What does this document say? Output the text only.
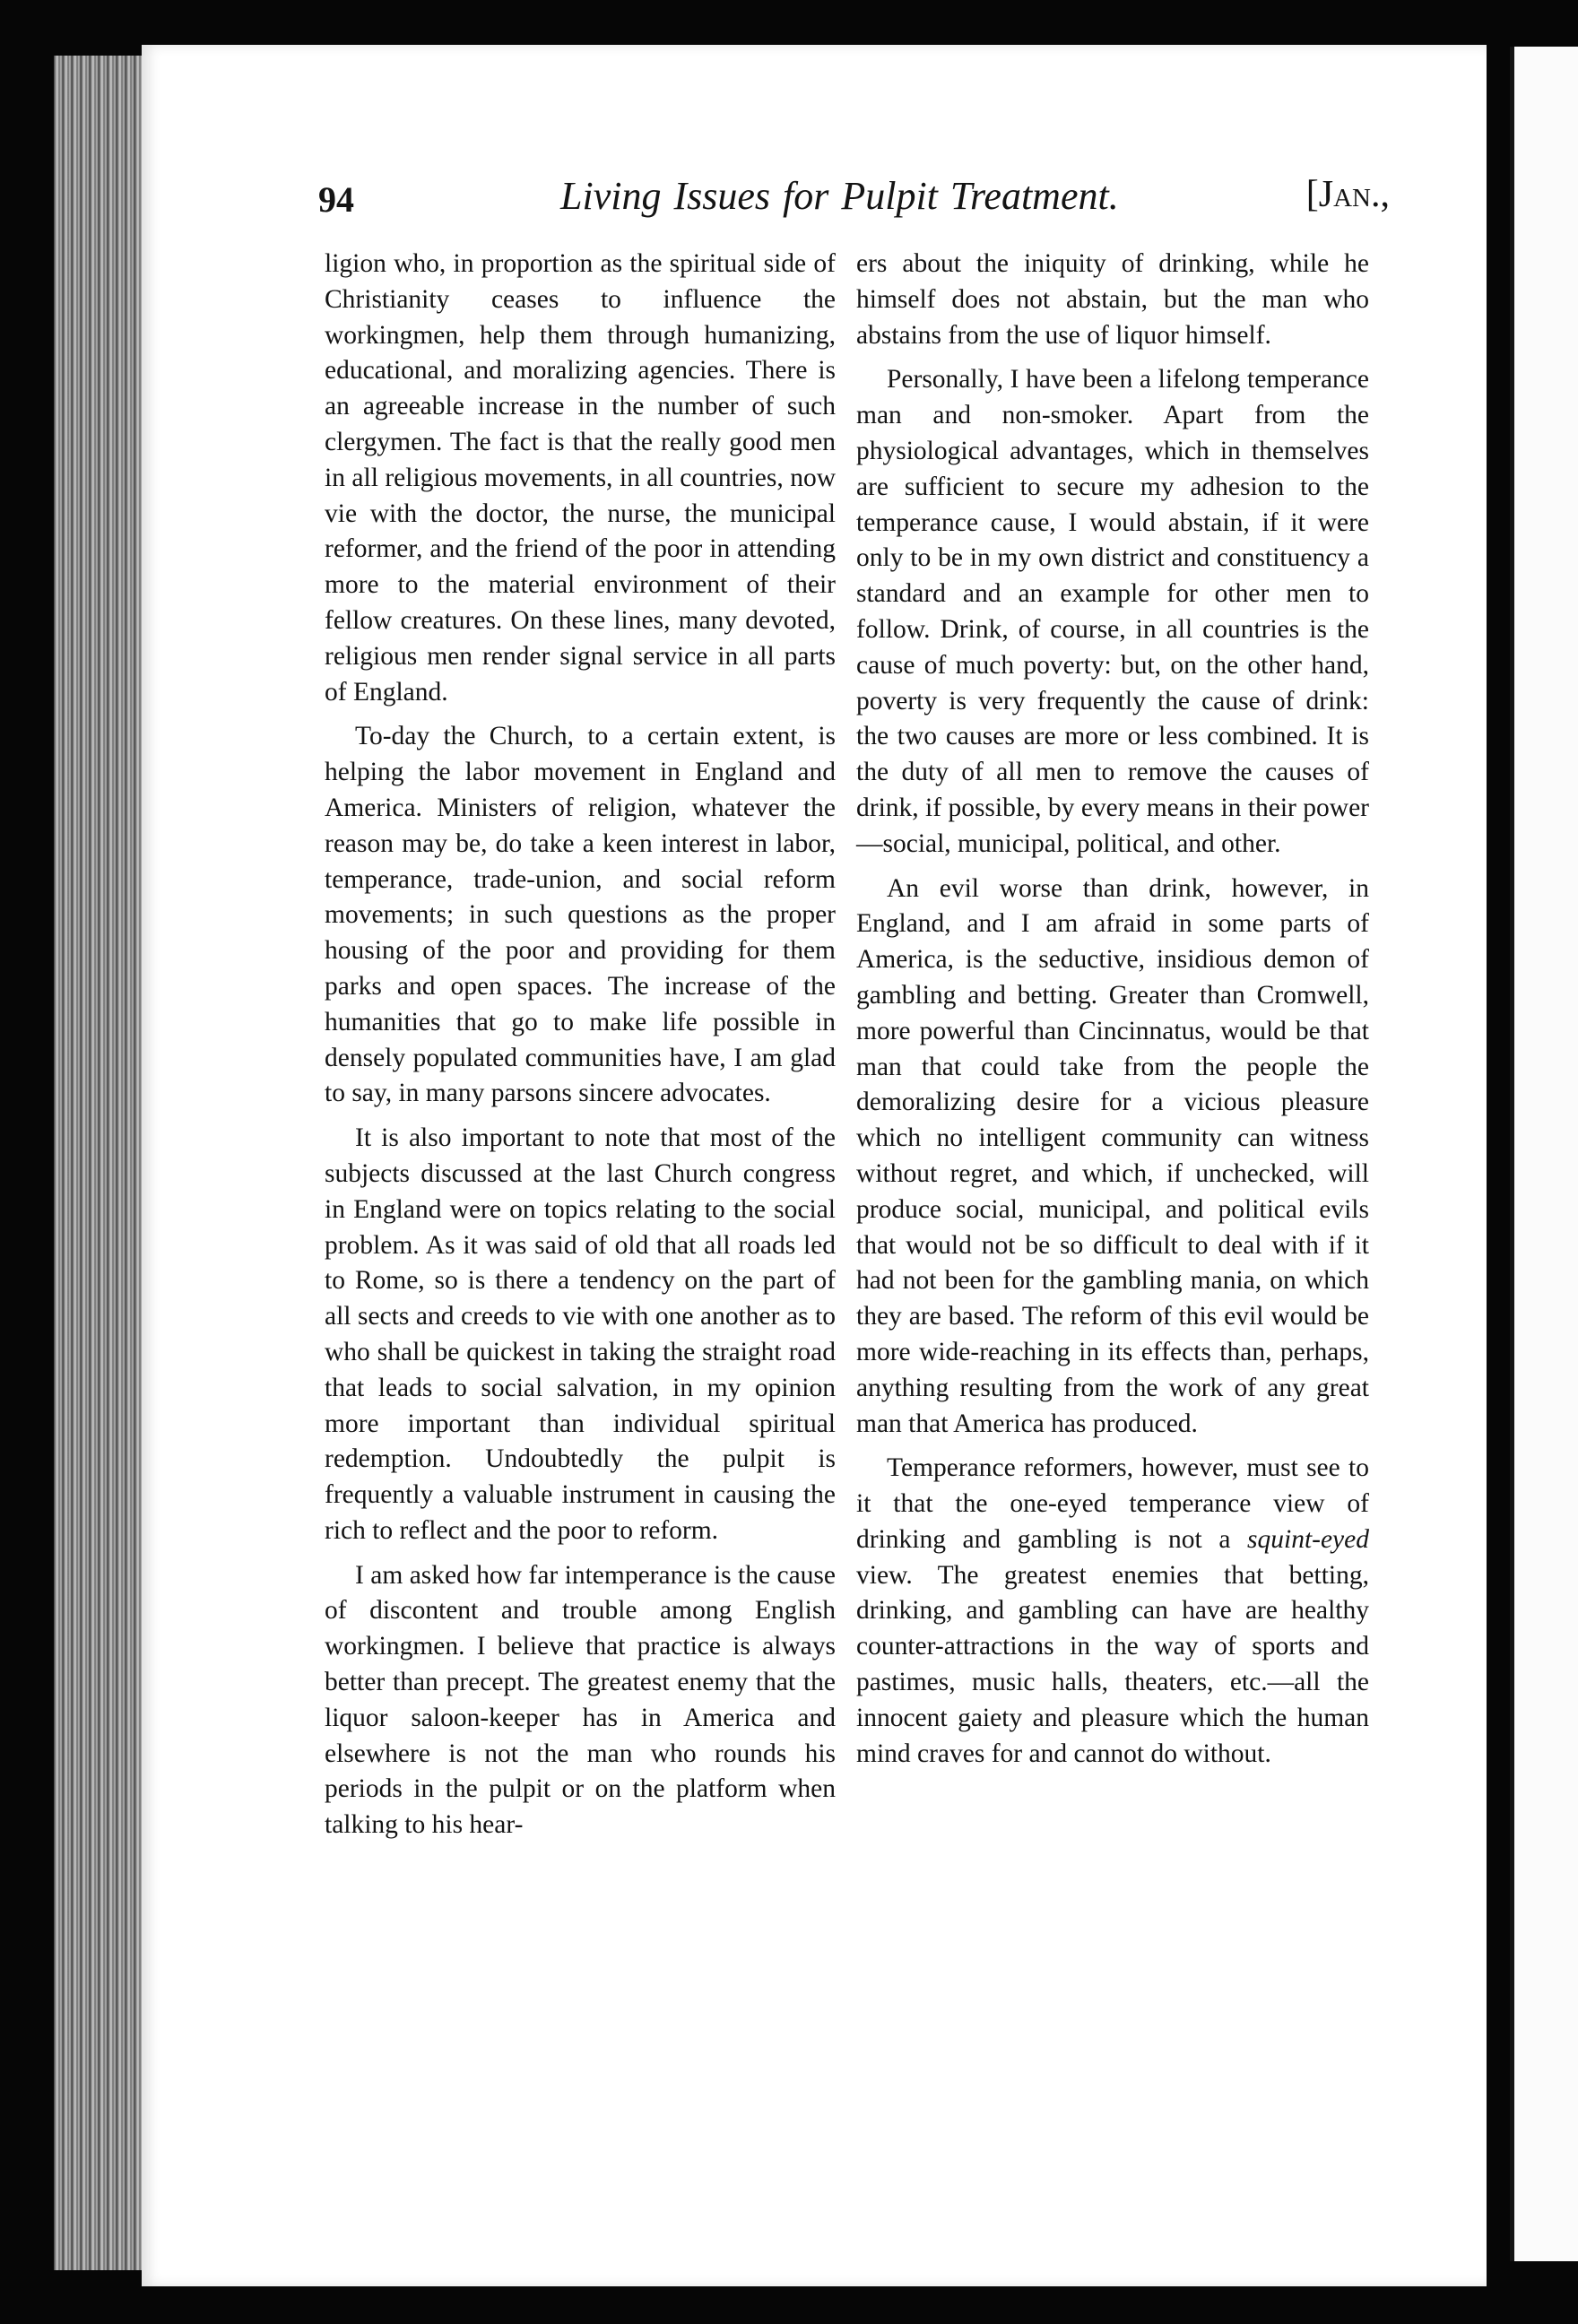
94	Living Issues for Pulpit Treatment.	[Jan.,

ligion who, in proportion as the spiritual side of Christianity ceases to influence the workingmen, help them through humanizing, educational, and moralizing agencies. There is an agreeable increase in the number of such clergymen. The fact is that the really good men in all religious movements, in all countries, now vie with the doctor, the nurse, the municipal reformer, and the friend of the poor in attending more to the material environment of their fellow creatures. On these lines, many devoted, religious men render signal service in all parts of England.

To-day the Church, to a certain extent, is helping the labor movement in England and America. Ministers of religion, whatever the reason may be, do take a keen interest in labor, temperance, trade-union, and social reform movements; in such questions as the proper housing of the poor and providing for them parks and open spaces. The increase of the humanities that go to make life possible in densely populated communities have, I am glad to say, in many parsons sincere advocates.

It is also important to note that most of the subjects discussed at the last Church congress in England were on topics relating to the social problem. As it was said of old that all roads led to Rome, so is there a tendency on the part of all sects and creeds to vie with one another as to who shall be quickest in taking the straight road that leads to social salvation, in my opinion more important than individual spiritual redemption. Undoubtedly the pulpit is frequently a valuable instrument in causing the rich to reflect and the poor to reform.

I am asked how far intemperance is the cause of discontent and trouble among English workingmen. I believe that practice is always better than precept. The greatest enemy that the liquor saloon-keeper has in America and elsewhere is not the man who rounds his periods in the pulpit or on the platform when talking to his hear-

ers about the iniquity of drinking, while he himself does not abstain, but the man who abstains from the use of liquor himself.

Personally, I have been a lifelong temperance man and non-smoker. Apart from the physiological advantages, which in themselves are sufficient to secure my adhesion to the temperance cause, I would abstain, if it were only to be in my own district and constituency a standard and an example for other men to follow. Drink, of course, in all countries is the cause of much poverty: but, on the other hand, poverty is very frequently the cause of drink: the two causes are more or less combined. It is the duty of all men to remove the causes of drink, if possible, by every means in their power—social, municipal, political, and other.

An evil worse than drink, however, in England, and I am afraid in some parts of America, is the seductive, insidious demon of gambling and betting. Greater than Cromwell, more powerful than Cincinnatus, would be that man that could take from the people the demoralizing desire for a vicious pleasure which no intelligent community can witness without regret, and which, if unchecked, will produce social, municipal, and political evils that would not be so difficult to deal with if it had not been for the gambling mania, on which they are based. The reform of this evil would be more wide-reaching in its effects than, perhaps, anything resulting from the work of any great man that America has produced.

Temperance reformers, however, must see to it that the one-eyed temperance view of drinking and gambling is not a squint-eyed view. The greatest enemies that betting, drinking, and gambling can have are healthy counter-attractions in the way of sports and pastimes, music halls, theaters, etc.—all the innocent gaiety and pleasure which the human mind craves for and cannot do without.
